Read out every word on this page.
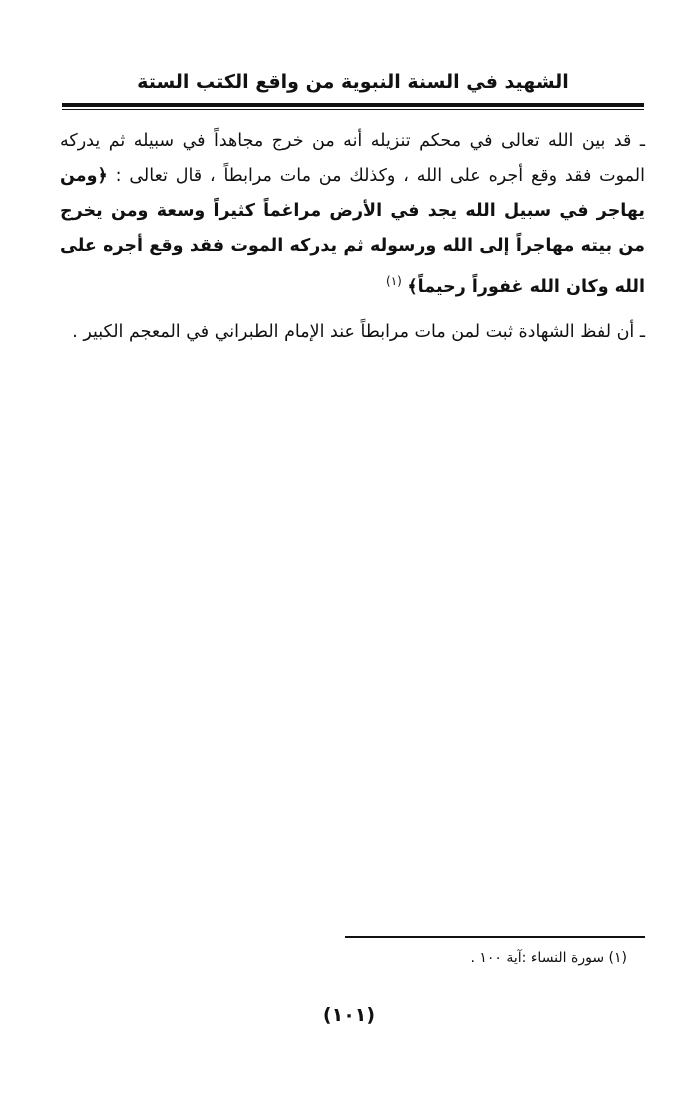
الشهيد في السنة النبوية من واقع الكتب الستة

ـ قد بين الله تعالى في محكم تنزيله أنه من خرج مجاهداً في سبيله ثم يدركه الموت فقد وقع أجره على الله ، وكذلك من مات مرابطاً ، قال تعالى : ﴿ومن يهاجر في سبيل الله يجد في الأرض مراغماً كثيراً وسعة ومن يخرج من بيته مهاجراً إلى الله ورسوله ثم يدركه الموت فقد وقع أجره على الله وكان الله غفوراً رحيماً﴾ $^{(١)}$

ـ أن لفظ الشهادة ثبت لمن مات مرابطاً عند الإمام الطبراني في المعجم الكبير .

(١) سورة النساء :آية ١٠٠ .
(١٠١)
